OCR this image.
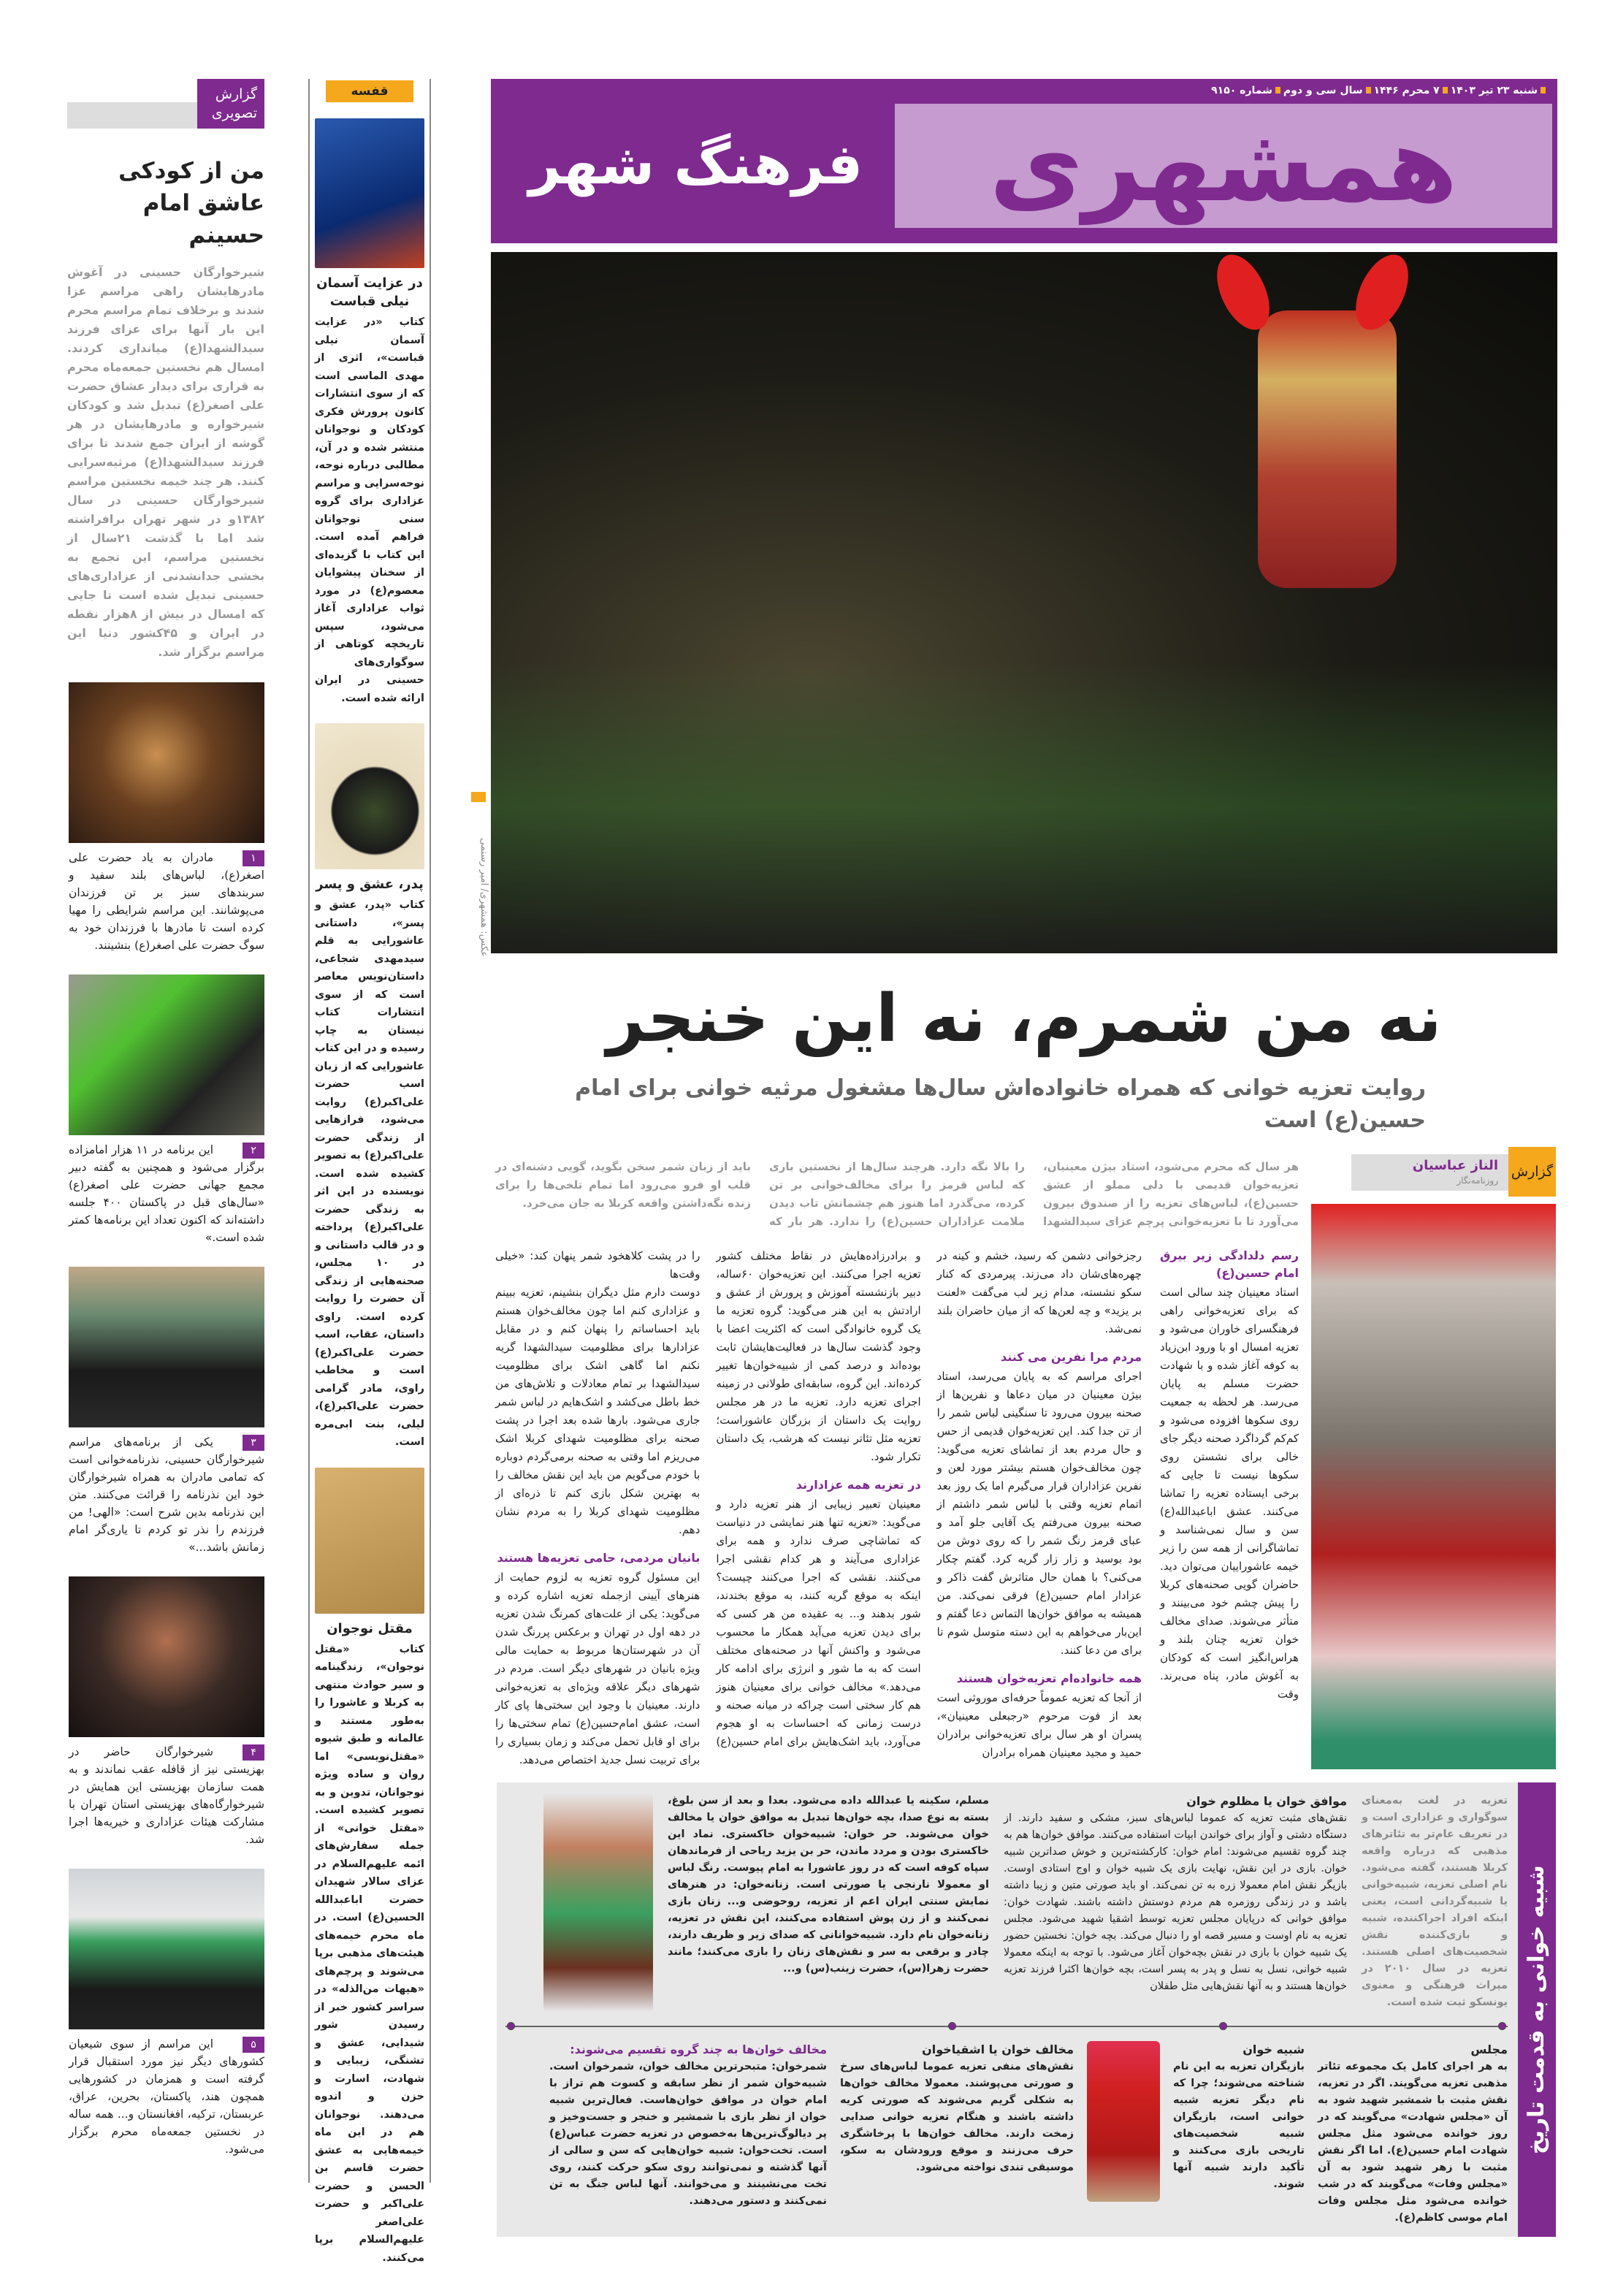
گزارش تصویری
من از کودکی عاشق امام حسینم

شیرخوارگان حسینی در آغوش مادرهایشان راهی مراسم عزا شدند و برخلاف تمام مراسم محرم این بار آنها برای عزای فرزند سیدالشهدا(ع) میانداری کردند. امسال هم نخستین جمعه‌ماه محرم به قراری برای دیدار عشاق حضرت علی اصغر(ع) تبدیل شد و کودکان شیرخواره و مادرهایشان در هر گوشه از ایران جمع شدند تا برای فرزند سیدالشهدا(ع) مرثیه‌سرایی کنند. هر چند خیمه نخستین مراسم شیرخوارگان حسینی در سال ۱۳۸۲و در شهر تهران برافراشته شد اما با گذشت ۲۱سال از نخستین مراسم، این تجمع به بخشی جدانشدنی از عزاداری‌های حسینی تبدیل شده است تا جایی که امسال در بیش از ۸هزار نقطه در ایران و ۴۵کشور دنیا این مراسم برگزار شد.

۱مادران به یاد حضرت علی اصغر(ع)، لباس‌های بلند سفید و سربندهای سبز بر تن فرزندان می‌پوشانند. این مراسم شرایطی را مهیا کرده است تا مادرها با فرزندان خود به سوگ حضرت علی اصغر(ع) بنشینند.

۲این برنامه در ۱۱ هزار امامزاده برگزار می‌شود و همچنین به گفته دبیر مجمع جهانی حضرت علی اصغر(ع) «سال‌های قبل در پاکستان ۴۰۰ جلسه داشته‌اند که اکنون تعداد این برنامه‌ها کمتر شده است.»

۳یکی از برنامه‌های مراسم شیرخوارگان حسینی، نذرنامه‌خوانی است که تمامی مادران به همراه شیرخوارگان خود این نذرنامه را قرائت می‌کنند. متن این نذرنامه بدین شرح است: «الهی! من فرزندم را نذر تو کردم تا یاری‌گر امام زمانش باشد...»

۴شیرخوارگان حاضر در بهزیستی نیز از قافله عقب نماندند و به همت سازمان بهزیستی این همایش در شیرخوارگاه‌های بهزیستی استان تهران با مشارکت هیئات عزاداری و خیریه‌ها اجرا شد.

۵این مراسم از سوی شیعیان کشورهای دیگر نیز مورد استقبال قرار گرفته است و همزمان در کشورهایی همچون هند، پاکستان، بحرین، عراق، عربستان، ترکیه، افغانستان و... همه ساله در نخستین جمعه‌ماه محرم برگزار می‌شود.

قفسه
در عزایت آسمان نیلی قباست

کتاب «در عزایت آسمان نیلی قباست»، اثری از مهدی الماسی است که از سوی انتشارات کانون پرورش فکری کودکان و نوجوانان منتشر شده و در آن، مطالبی درباره نوحه، نوحه‌سرایی و مراسم عزاداری برای گروه سنی نوجوانان فراهم آمده است. این کتاب با گزیده‌ای از سخنان پیشوایان معصوم(ع) در مورد ثواب عزاداری آغاز می‌شود، سپس تاریخچه کوتاهی از سوگواری‌های حسینی در ایران ارائه شده است.

پدر، عشق و پسر

کتاب «پدر، عشق و پسر»، داستانی عاشورایی به قلم سیدمهدی شجاعی، داستان‌نویس معاصر است که از سوی انتشارات کتاب نیستان به چاپ رسیده و در این کتاب عاشورایی که از زبان اسب حضرت علی‌اکبر(ع) روایت می‌شود، فرازهایی از زندگی حضرت علی‌اکبر(ع) به تصویر کشیده شده است. نویسنده در این اثر به زندگی حضرت علی‌اکبر(ع) پرداخته و در قالب داستانی و در ۱۰ مجلس، صحنه‌هایی از زندگی آن حضرت را روایت کرده است. راوی داستان، عقاب، اسب حضرت علی‌اکبر(ع) است و مخاطب راوی، مادر گرامی حضرت علی‌اکبر(ع)، لیلی، بنت ابی‌مره است.

مقتل نوجوان

کتاب «مقتل نوجوان»، زندگینامه و سیر حوادث منتهی به کربلا و عاشورا را به‌طور مستند و عالمانه و طبق شیوه «مقتل‌نویسی» اما روان و ساده ویژه نوجوانان، تدوین و به تصویر کشیده است. «مقتل خوانی» از جمله سفارش‌های ائمه علیهم‌السلام در عزای سالار شهیدان حضرت اباعبدالله الحسین(ع) است. در ماه محرم خیمه‌های هیئت‌های مذهبی برپا می‌شوند و پرچم‌های «هیهات من‌الذله» در سراسر کشور خبر از رسیدن شور شیدایی، عشق و تشنگی، زیبایی و شهادت، اسارت و حزن و اندوه می‌دهند. نوجوانان هم در این ماه خیمه‌هایی به عشق حضرت قاسم بن الحسن و حضرت علی‌اکبر و حضرت علی‌اصغر علیهم‌السلام برپا می‌کنند.

همشهری
فرهنگ شهر
شنبه ۲۳ تیر ۱۴۰۳۷ محرم ۱۴۴۶سال سی و دومشماره ۹۱۵۰
عکس: همشهری/ امیر رستمی
نه من شمرم، نه این خنجر
روایت تعزیه خوانی که همراه خانواده‌اش سال‌ها مشغول مرثیه خوانی برای امام حسین(ع) است
الناز عباسیان
روزنامه‌نگار
گزارش

هر سال که محرم می‌شود، استاد بیژن معینیان، تعزیه‌خوان قدیمی با دلی مملو از عشق حسین(ع)، لباس‌های تعزیه را از صندوق بیرون می‌آورد تا با تعزیه‌خوانی پرچم عزای سیدالشهدا را بالا نگه دارد. هرچند سال‌ها از نخستین باری که لباس قرمز را برای مخالف‌خوانی بر تن کرده، می‌گذرد اما هنوز هم چشمانش تاب دیدن ملامت عزاداران حسین(ع) را ندارد. هر بار که باید از زبان شمر سخن بگوید، گویی دشنه‌ای در قلب او فرو می‌رود اما تمام تلخی‌ها را برای زنده نگه‌داشتن واقعه کربلا به جان می‌خرد.

رسم دلدادگی زیر بیرق امام حسین(ع)

استاد معینیان چند سالی است که برای تعزیه‌خوانی راهی فرهنگسرای خاوران می‌شود و تعزیه امسال او با ورود ابن‌زیاد به کوفه آغاز شده و با شهادت حضرت مسلم به پایان می‌رسد. هر لحظه به جمعیت روی سکوها افزوده می‌شود و کم‌کم گرداگرد صحنه دیگر جای خالی برای نشستن روی سکوها نیست تا جایی که برخی ایستاده تعزیه را تماشا می‌کنند. عشق اباعبدالله(ع) سن و سال نمی‌شناسد و تماشاگرانی از همه سن را زیر خیمه عاشوراییان می‌توان دید. حاضران گویی صحنه‌های کربلا را پیش چشم خود می‌بینند و متأثر می‌شوند. صدای مخالف خوان تعزیه چنان بلند و هراس‌انگیز است که کودکان به آغوش مادر، پناه می‌برند. وقت

رجزخوانی دشمن که رسید، خشم و کینه در چهره‌های‌شان داد می‌زند. پیرمردی که کنار سکو نشسته، مدام زیر لب می‌گفت «لعنت بر یزید» و چه لعن‌ها که از میان حاضران بلند نمی‌شد.

مردم مرا نفرین می کنند

اجرای مراسم که به پایان می‌رسد، استاد بیژن معینیان در میان دعاها و نفرین‌ها از صحنه بیرون می‌رود تا سنگینی لباس شمر را از تن جدا کند. این تعزیه‌خوان قدیمی از حس و حال مردم بعد از تماشای تعزیه می‌گوید: چون مخالف‌خوان هستم بیشتر مورد لعن و نفرین عزاداران قرار می‌گیرم اما یک روز بعد اتمام تعزیه وقتی با لباس شمر داشتم از صحنه بیرون می‌رفتم یک آقایی جلو آمد و عبای قرمز رنگ شمر را که روی دوش من بود بوسید و زار زار گریه کرد. گفتم چکار می‌کنی؟ با همان حال متاثرش گفت ذاکر و عزادار امام حسین(ع) فرقی نمی‌کند. من همیشه به موافق خوان‌ها التماس دعا گفتم و این‌بار می‌خواهم به این دسته متوسل شوم تا برای من دعا کنند.

همه خانواده‌ام تعزیه‌خوان هستند

از آنجا که تعزیه عموماً حرفه‌ای موروثی است بعد از فوت مرحوم «رجبعلی معینیان»، پسران او هر سال برای تعزیه‌خوانی برادران حمید و مجید معینیان همراه برادران

و برادرزاده‌هایش در نقاط مختلف کشور تعزیه اجرا می‌کنند. این تعزیه‌خوان ۶۰ساله، دبیر بازنشسته آموزش و پرورش از عشق و ارادتش به این هنر می‌گوید: گروه تعزیه ما یک گروه خانوادگی است که اکثریت اعضا با وجود گذشت سال‌ها در فعالیت‌هایشان ثابت بوده‌اند و درصد کمی از شبیه‌خوان‌ها تغییر کرده‌اند. این گروه، سابقه‌ای طولانی در زمینه اجرای تعزیه دارد. تعزیه ما در هر مجلس روایت یک داستان از بزرگان عاشوراست؛ تعزیه مثل تئاتر نیست که هرشب، یک داستان تکرار شود.

در تعزیه همه عزادارند

معینیان تعبیر زیبایی از هنر تعزیه دارد و می‌گوید: «تعزیه تنها هنر نمایشی در دنیاست که تماشاچی صرف ندارد و همه برای عزاداری می‌آیند و هر کدام نقشی اجرا می‌کنند. نقشی که اجرا می‌کنند چیست؟ اینکه به موقع گریه کنند، به موقع بخندند، شور بدهند و... به عقیده من هر کسی که برای دیدن تعزیه می‌آید همکار ما محسوب می‌شود و واکنش آنها در صحنه‌های مختلف است که به ما شور و انرژی برای ادامه کار می‌دهد.» مخالف خوانی برای معینیان هنوز هم کار سختی است چراکه در میانه صحنه و درست زمانی که احساسات به او هجوم می‌آورد، باید اشک‌هایش برای امام حسین(ع) را در پشت کلاهخود شمر پنهان کند: «خیلی وقت‌ها

دوست دارم مثل دیگران بنشینم، تعزیه ببینم و عزاداری کنم اما چون مخالف‌خوان هستم باید احساساتم را پنهان کنم و در مقابل عزادارها برای مظلومیت سیدالشهدا گریه نکنم اما گاهی اشک برای مظلومیت سیدالشهدا بر تمام معادلات و تلاش‌های من خط باطل می‌کشد و اشک‌هایم در لباس شمر جاری می‌شود. بارها شده بعد اجرا در پشت صحنه برای مظلومیت شهدای کربلا اشک می‌ریزم اما وقتی به صحنه برمی‌گردم دوباره با خودم می‌گویم من باید این نقش مخالف را به بهترین شکل بازی کنم تا ذره‌ای از مظلومیت شهدای کربلا را به مردم نشان دهم.

بانیان مردمی، حامی تعزیه‌ها هستند

این مسئول گروه تعزیه به لزوم حمایت از هنرهای آیینی ازجمله تعزیه اشاره کرده و می‌گوید: یکی از علت‌های کمرنگ شدن تعزیه در دهه اول در تهران و برعکس پررنگ شدن آن در شهرستان‌ها مربوط به حمایت مالی ویژه بانیان در شهرهای دیگر است. مردم در شهرهای دیگر علاقه ویژه‌ای به تعزیه‌خوانی دارند. معینیان با وجود این سختی‌ها پای کار است، عشق امام‌حسین(ع) تمام سختی‌ها را برای او قابل تحمل می‌کند و زمان بسیاری را برای تربیت نسل جدید اختصاص می‌دهد.

شبیه خوانی به قدمت تاریخ

تعزیه در لغت به‌معنای سوگواری و عزاداری است و در تعریف عام‌تر به تئاترهای مذهبی که درباره واقعه کربلا هستند، گفته می‌شود. نام اصلی تعزیه، شبیه‌خوانی یا شبیه‌گردانی است، یعنی اینکه افراد اجراکننده، شبیه و بازی‌کننده نقش شخصیت‌های اصلی هستند. تعزیه در سال ۲۰۱۰ در میراث فرهنگی و معنوی یونسکو ثبت شده است.

موافق خوان یا مظلوم خوان

نقش‌های مثبت تعزیه که عموما لباس‌های سبز، مشکی و سفید دارند. از دستگاه دشتی و آواز برای خواندن ابیات استفاده می‌کنند. موافق خوان‌ها هم به چند گروه تقسیم می‌شوند: امام خوان: کارکشته‌ترین و خوش صداترین شبیه خوان. بازی در این نقش، نهایت بازی یک شبیه خوان و اوج استادی اوست. بازیگر نقش امام معمولا زره به تن نمی‌کند. او باید صورتی متین و زیبا داشته باشد و در زندگی روزمره هم مردم دوستش داشته باشند. شهادت خوان: موافق خوانی که درپایان مجلس تعزیه توسط اشقیا شهید می‌شود. مجلس تعزیه به نام اوست و مسیر قصه او را دنبال می‌کند. بچه خوان: نخستین حضور یک شبیه خوان با بازی در نقش بچه‌خوان آغاز می‌شود. با توجه به اینکه معمولا شبیه خوانی، نسل به نسل و پدر به پسر است، بچه خوان‌ها اکثرا فرزند تعزیه خوان‌ها هستند و به آنها نقش‌هایی مثل طفلان

مسلم، سکینه یا عبدالله داده می‌شود. بعدا و بعد از سن بلوغ، بسته به نوع صدا، بچه خوان‌ها تبدیل به موافق خوان یا مخالف خوان می‌شوند. حر خوان: شبیه‌خوان خاکستری. نماد این خاکستری بودن و مردد ماندن، حر بن یزید ریاحی از فرماندهان سپاه کوفه است که در روز عاشورا به امام پیوست. رنگ لباس او معمولا نارنجی یا صورتی است. زنانه‌خوان: در هنرهای نمایش سنتی ایران اعم از تعزیه، روحوضی و... زنان بازی نمی‌کنند و از زن پوش استفاده می‌کنند، این نقش در تعزیه، زنانه‌خوان نام دارد. شبیه‌خوانانی که صدای زیر و ظریف دارند، چادر و برقعی به سر و نقش‌های زنان را بازی می‌کنند؛ مانند حضرت زهرا(س)، حضرت زینب(س) و...

مجلس

به هر اجرای کامل یک مجموعه تئاتر مذهبی تعزیه می‌گویند. اگر در تعزیه، نقش مثبت با شمشیر شهید شود به آن «مجلس شهادت» می‌گویند که در روز خوانده می‌شود مثل مجلس شهادت امام حسین(ع). اما اگر نقش مثبت با زهر شهید شود به آن «مجلس وفات» می‌گویند که در شب خوانده می‌شود مثل مجلس وفات امام موسی کاظم(ع).

شبیه خوان

بازیگران تعزیه به این نام شناخته می‌شوند؛ چرا که نام دیگر تعزیه شبیه خوانی است، بازیگران شبیه شخصیت‌های تاریخی بازی می‌کنند و تأکید دارند شبیه آنها شوند.

مخالف خوان یا اشقیاخوان

نقش‌های منفی تعزیه عموما لباس‌های سرخ و صورتی می‌پوشند. معمولا مخالف خوان‌ها به شکلی گریم می‌شوند که صورتی کریه داشته باشند و هنگام تعزیه خوانی صدایی زمخت دارند. مخالف خوان‌ها با پرخاشگری حرف می‌زنند و موقع ورودشان به سکو، موسیقی تندی نواخته می‌شود.

مخالف خوان‌ها به چند گروه تقسیم می‌شوند:

شمرخوان: متبحرترین مخالف خوان، شمرخوان است. شبیه‌خوان شمر از نظر سابقه و کسوت هم تراز با امام خوان در موافق خوان‌هاست. فعال‌ترین شبیه خوان از نظر بازی با شمشیر و خنجر و جست‌وخیز و پر دیالوگ‌ترین‌ها به‌خصوص در تعزیه حضرت عباس(ع) است. تخت‌خوان: شبیه خوان‌هایی که سن و سالی از آنها گذشته و نمی‌توانند روی سکو حرکت کنند، روی تخت می‌نشینند و می‌خوانند. آنها لباس جنگ به تن نمی‌کنند و دستور می‌دهند.
